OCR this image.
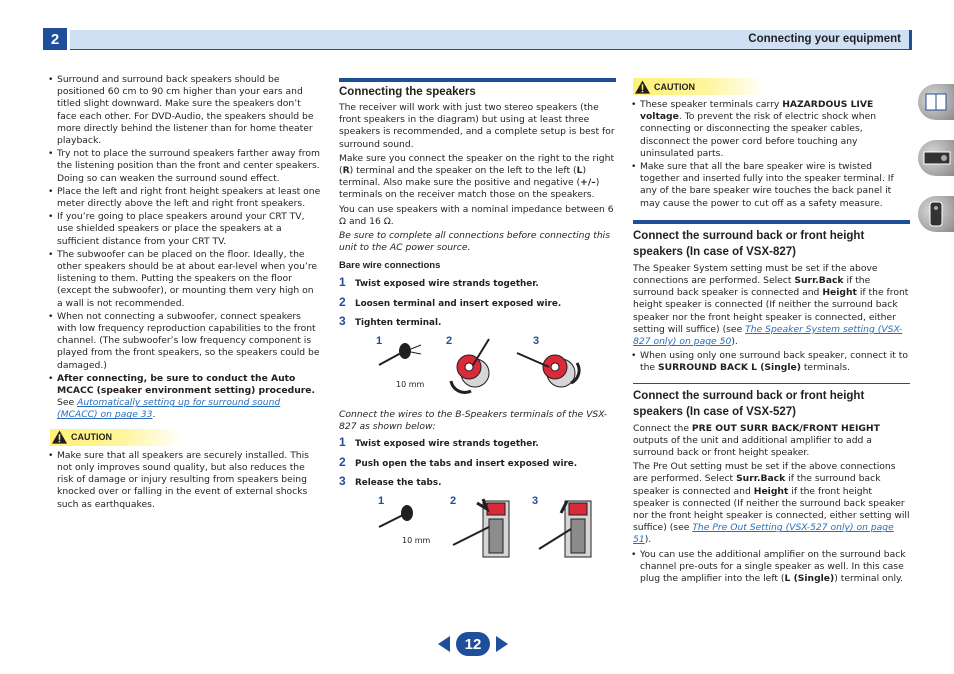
2	Connecting your equipment
• Surround and surround back speakers should be positioned 60 cm to 90 cm higher than your ears and titled slight downward. Make sure the speakers don’t face each other. For DVD-Audio, the speakers should be more directly behind the listener than for home theater playback.
• Try not to place the surround speakers farther away from the listening position than the front and center speakers. Doing so can weaken the surround sound effect.
• Place the left and right front height speakers at least one meter directly above the left and right front speakers.
• If you’re going to place speakers around your CRT TV, use shielded speakers or place the speakers at a sufficient distance from your CRT TV.
• The subwoofer can be placed on the floor. Ideally, the other speakers should be at about ear-level when you’re listening to them. Putting the speakers on the floor (except the subwoofer), or mounting them very high on a wall is not recommended.
• When not connecting a subwoofer, connect speakers with low frequency reproduction capabilities to the front channel. (The subwoofer’s low frequency component is played from the front speakers, so the speakers could be damaged.)
• After connecting, be sure to conduct the Auto MCACC (speaker environment setting) procedure.
See Automatically setting up for surround sound (MCACC) on page 33.
CAUTION
• Make sure that all speakers are securely installed. This not only improves sound quality, but also reduces the risk of damage or injury resulting from speakers being knocked over or falling in the event of external shocks such as earthquakes.
Connecting the speakers

The receiver will work with just two stereo speakers (the front speakers in the diagram) but using at least three speakers is recommended, and a complete setup is best for surround sound.

Make sure you connect the speaker on the right to the right (R) terminal and the speaker on the left to the left (L) terminal. Also make sure the positive and negative (+/–) terminals on the receiver match those on the speakers.

You can use speakers with a nominal impedance between 6 Ω and 16 Ω.

Be sure to complete all connections before connecting this unit to the AC power source.

Bare wire connections
1	Twist exposed wire strands together.
2	Loosen terminal and insert exposed wire.
3	Tighten terminal.
1	2	3
10 mm

Connect the wires to the B-Speakers terminals of the VSX-827 as shown below:

1	Twist exposed wire strands together.
2	Push open the tabs and insert exposed wire.
3	Release the tabs.
1	2	3
10 mm
CAUTION
• These speaker terminals carry HAZARDOUS LIVE voltage. To prevent the risk of electric shock when connecting or disconnecting the speaker cables, disconnect the power cord before touching any uninsulated parts.
• Make sure that all the bare speaker wire is twisted together and inserted fully into the speaker terminal. If any of the bare speaker wire touches the back panel it may cause the power to cut off as a safety measure.
Connect the surround back or front height speakers (In case of VSX-827)

The Speaker System setting must be set if the above connections are performed. Select Surr.Back if the surround back speaker is connected and Height if the front height speaker is connected (If neither the surround back speaker nor the front height speaker is connected, either setting will suffice) (see The Speaker System setting (VSX-827 only) on page 50).

• When using only one surround back speaker, connect it to the SURROUND BACK L (Single) terminals.
Connect the surround back or front height speakers (In case of VSX-527)

Connect the PRE OUT SURR BACK/FRONT HEIGHT outputs of the unit and additional amplifier to add a surround back or front height speaker.

The Pre Out setting must be set if the above connections are performed. Select Surr.Back if the surround back speaker is connected and Height if the front height speaker is connected (If neither the surround back speaker nor the front height speaker is connected, either setting will suffice) (see The Pre Out Setting (VSX-527 only) on page 51).

• You can use the additional amplifier on the surround back channel pre-outs for a single speaker as well. In this case plug the amplifier into the left (L (Single)) terminal only.
12
